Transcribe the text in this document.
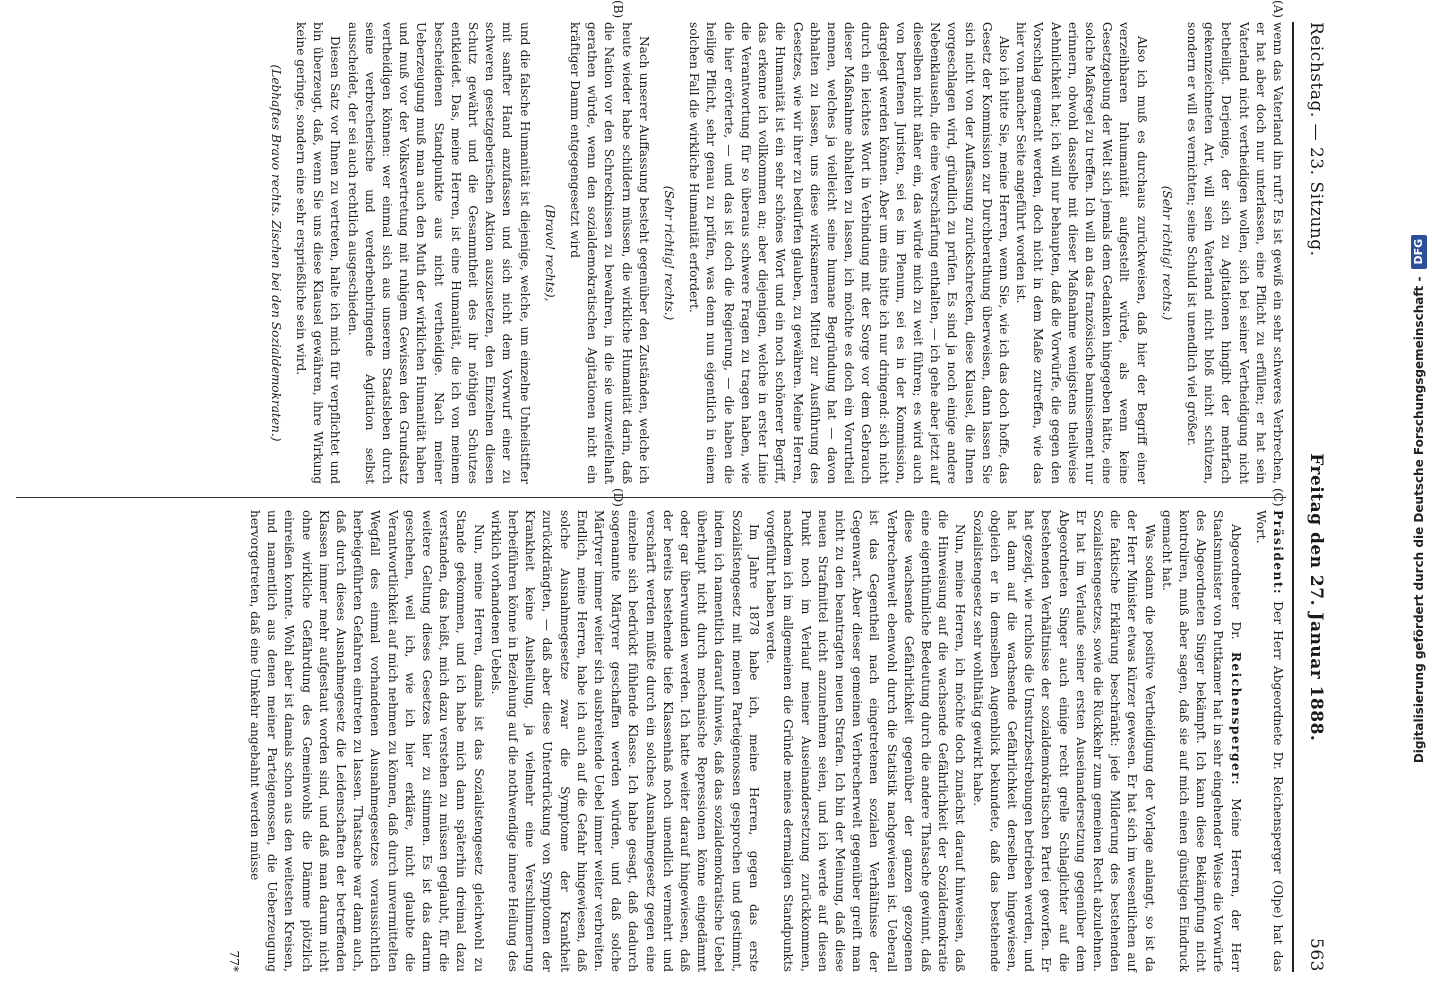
Reichstag. — 23. Sitzung.
Freitag den 27. Januar 1888.
563
(A)
(B)

wenn das Vaterland ihn ruft? Es ist gewiß ein sehr schweres Verbrechen, er hat aber doch nur unterlassen, eine Pflicht zu erfüllen; er hat sein Vaterland nicht vertheidigen wollen, sich bei seiner Vertheidigung nicht betheiligt. Derjenige, der sich zu Agitationen hingibt der mehrfach gekennzeichneten Art, will sein Vaterland nicht bloß nicht schützen, sondern er will es vernichten; seine Schuld ist unendlich viel größer.

(Sehr richtig! rechts.)

Also ich muß es durchaus zurückweisen, daß hier der Begriff einer verzeihbaren Inhumanität aufgestellt würde, als wenn keine Gesetzgebung der Welt sich jemals dem Gedanken hingegeben hätte, eine solche Maßregel zu treffen. Ich will an das französische bannissement nur erinnern, obwohl dasselbe mit dieser Maßnahme wenigstens theilweise Aehnlichkeit hat; ich will nur behaupten, daß die Vorwürfe, die gegen den Vorschlag gemacht werden, doch nicht in dem Maße zutreffen, wie das hier von mancher Seite angeführt worden ist.

Also ich bitte Sie, meine Herren, wenn Sie, wie ich das doch hoffe, das Gesetz der Kommission zur Durchberathung überweisen, dann lassen Sie sich nicht von der Auffassung zurückschrecken, diese Klausel, die Ihnen vorgeschlagen wird, gründlich zu prüfen. Es sind ja noch einige andere Nebenklauseln, die eine Verschärfung enthalten, — ich gehe aber jetzt auf dieselben nicht näher ein, das würde mich zu weit führen; es wird auch von berufenen Juristen, sei es im Plenum, sei es in der Kommission, dargelegt werden können. Aber um eins bitte ich nur dringend: sich nicht durch ein leichtes Wort in Verbindung mit der Sorge vor dem Gebrauch dieser Maßnahme abhalten zu lassen, ich möchte es doch ein Vorurtheil nennen, welches ja vielleicht seine humane Begründung hat — davon abhalten zu lassen, uns diese wirksameren Mittel zur Ausführung des Gesetzes, wie wir ihrer zu bedürfen glauben, zu gewähren. Meine Herren, die Humanität ist ein sehr schönes Wort und ein noch schönerer Begriff, das erkenne ich vollkommen an; aber diejenigen, welche in erster Linie die Verantwortung für so überaus schwere Fragen zu tragen haben, wie die hier erörterte, — und das ist doch die Regierung, — die haben die heilige Pflicht, sehr genau zu prüfen, was denn nun eigentlich in einem solchen Fall die wirkliche Humanität erfordert.

(Sehr richtig! rechts.)

Nach unserer Auffassung besteht gegenüber den Zuständen, welche ich heute wieder habe schildern müssen, die wirkliche Humanität darin, daß die Nation vor den Schrecknissen zu bewahren, in die sie unzweifelhaft gerathen würde, wenn den sozialdemokratischen Agitationen nicht ein kräftiger Damm entgegengesetzt wird

(Bravo! rechts),

und die falsche Humanität ist diejenige, welche, um einzelne Unheilstifter mit sanfter Hand anzufassen und sich nicht dem Vorwurf einer zu schweren gesetzgeberischen Aktion auszusetzen, den Einzelnen diesen Schutz gewährt und die Gesammtheit des ihr nöthigen Schutzes entkleidet. Das, meine Herren, ist eine Humanität, die ich von meinem bescheidenen Standpunkte aus nicht vertheidige. Nach meiner Ueberzeugung muß man auch den Muth der wirklichen Humanität haben und muß vor der Volksvertretung mit ruhigem Gewissen den Grundsatz vertheidigen können: wer einmal sich aus unserem Staatsleben durch seine verbrecherische und verderbenbringende Agitation selbst ausscheidet, der sei auch rechtlich ausgeschieden.

Diesen Satz vor Ihnen zu vertreten, halte ich mich für verpflichtet und bin überzeugt, daß, wenn Sie uns diese Klausel gewähren, ihre Wirkung keine geringe, sondern eine sehr ersprießliche sein wird.

(Lebhaftes Bravo rechts. Zischen bei den Sozialdemokraten.)

(C)
(D)

Präsident: Der Herr Abgeordnete Dr. Reichensperger (Olpe) hat das Wort.

Abgeordneter Dr. Reichensperger: Meine Herren, der Herr Staatsminister von Puttkamer hat in sehr eingehender Weise die Vorwürfe des Abgeordneten Singer bekämpft. Ich kann diese Bekämpfung nicht kontroliren, muß aber sagen, daß sie auf mich einen günstigen Eindruck gemacht hat.

Was sodann die positive Vertheidigung der Vorlage anlangt, so ist da der Herr Minister etwas kürzer gewesen. Er hat sich im wesentlichen auf die faktische Erklärung beschränkt: jede Milderung des bestehenden Sozialistengesetzes, sowie die Rückkehr zum gemeinen Recht abzulehnen. Er hat im Verlaufe seiner ersten Auseinandersetzung gegenüber dem Abgeordneten Singer auch einige recht grelle Schlaglichter auf die bestehenden Verhältnisse der sozialdemokratischen Partei geworfen. Er hat gezeigt, wie ruchlos die Umsturzbestrebungen betrieben werden, und hat dann auf die wachsende Gefährlichkeit derselben hingewiesen, obgleich er in demselben Augenblick bekundete, daß das bestehende Sozialistengesetz sehr wohlthätig gewirkt habe.

Nun, meine Herren, ich möchte doch zunächst darauf hinweisen, daß die Hinweisung auf die wachsende Gefährlichkeit der Sozialdemokratie eine eigenthümliche Bedeutung durch die andere Thatsache gewinnt, daß diese wachsende Gefährlichkeit gegenüber der ganzen gezogenen Verbrechenwelt ebenwohl durch die Statistik nachgewiesen ist. Ueberall ist das Gegentheil nach eingetretenen sozialen Verhältnisse der Gegenwart. Aber dieser gemeinen Verbrecherwelt gegenüber greift man nicht zu den beantragten neuen Strafen. Ich bin der Meinung, daß diese neuen Strafmittel nicht anzunehmen seien, und ich werde auf diesen Punkt noch im Verlauf meiner Auseinandersetzung zurückkommen, nachdem ich im allgemeinen die Gründe meines dermaligen Standpunkts vorgeführt haben werde.

Im Jahre 1878 habe ich, meine Herren, gegen das erste Sozialistengesetz mit meinen Parteigenossen gesprochen und gestimmt, indem ich namentlich darauf hinwies, daß das sozialdemokratische Uebel überhaupt nicht durch mechanische Repressionen könne eingedämmt oder gar überwunden werden. Ich hatte weiter darauf hingewiesen, daß der bereits bestehende tiefe Klassenhaß noch unendlich vermehrt und verschärft werden müßte durch ein solches Ausnahmegesetz gegen eine einzelne sich bedrückt fühlende Klasse. Ich habe gesagt, daß dadurch sogenannte Märtyrer geschaffen werden würden, und daß solche Märtyrer immer weiter sich ausbreitende Uebel immer weiter verbreiten. Endlich, meine Herren, habe ich auch auf die Gefahr hingewiesen, daß solche Ausnahmegesetze zwar die Symptome der Krankheit zurückdrängten, — daß aber diese Unterdrückung von Symptomen der Krankheit keine Ausheilung, ja vielmehr eine Verschlimmerung herbeiführen könne in Beziehung auf die nothwendige innere Heilung des wirklich vorhandenen Uebels.

Nun, meine Herren, damals ist das Sozialistengesetz gleichwohl zu Stande gekommen, und ich habe mich dann späterhin dreimal dazu verstanden, das heißt, mich dazu verstehen zu müssen geglaubt, für die weitere Geltung dieses Gesetzes hier zu stimmen. Es ist das darum geschehen, weil ich, wie ich hier erkläre, nicht glaubte die Verantwortlichkeit auf mich nehmen zu können, daß durch unvermittelten Wegfall des einmal vorhandenen Ausnahmegesetzes voraussichtlich herbeigeführten Gefahren eintreten zu lassen. Thatsache war dann auch, daß durch dieses Ausnahmegesetz die Leidenschaften der betreffenden Klassen immer mehr aufgestaut worden sind, und daß man darum nicht ohne wirkliche Gefährdung des Gemeinwohls die Dämme plötzlich einreißen konnte. Wohl aber ist damals schon aus den weitesten Kreisen, und namentlich aus denen meiner Parteigenossen, die Ueberzeugung hervorgetreten, daß eine Umkehr angebahnt werden müsse

77*

Digitalisierung gefördert durch die Deutsche Forschungsgemeinschaft -
DFG
